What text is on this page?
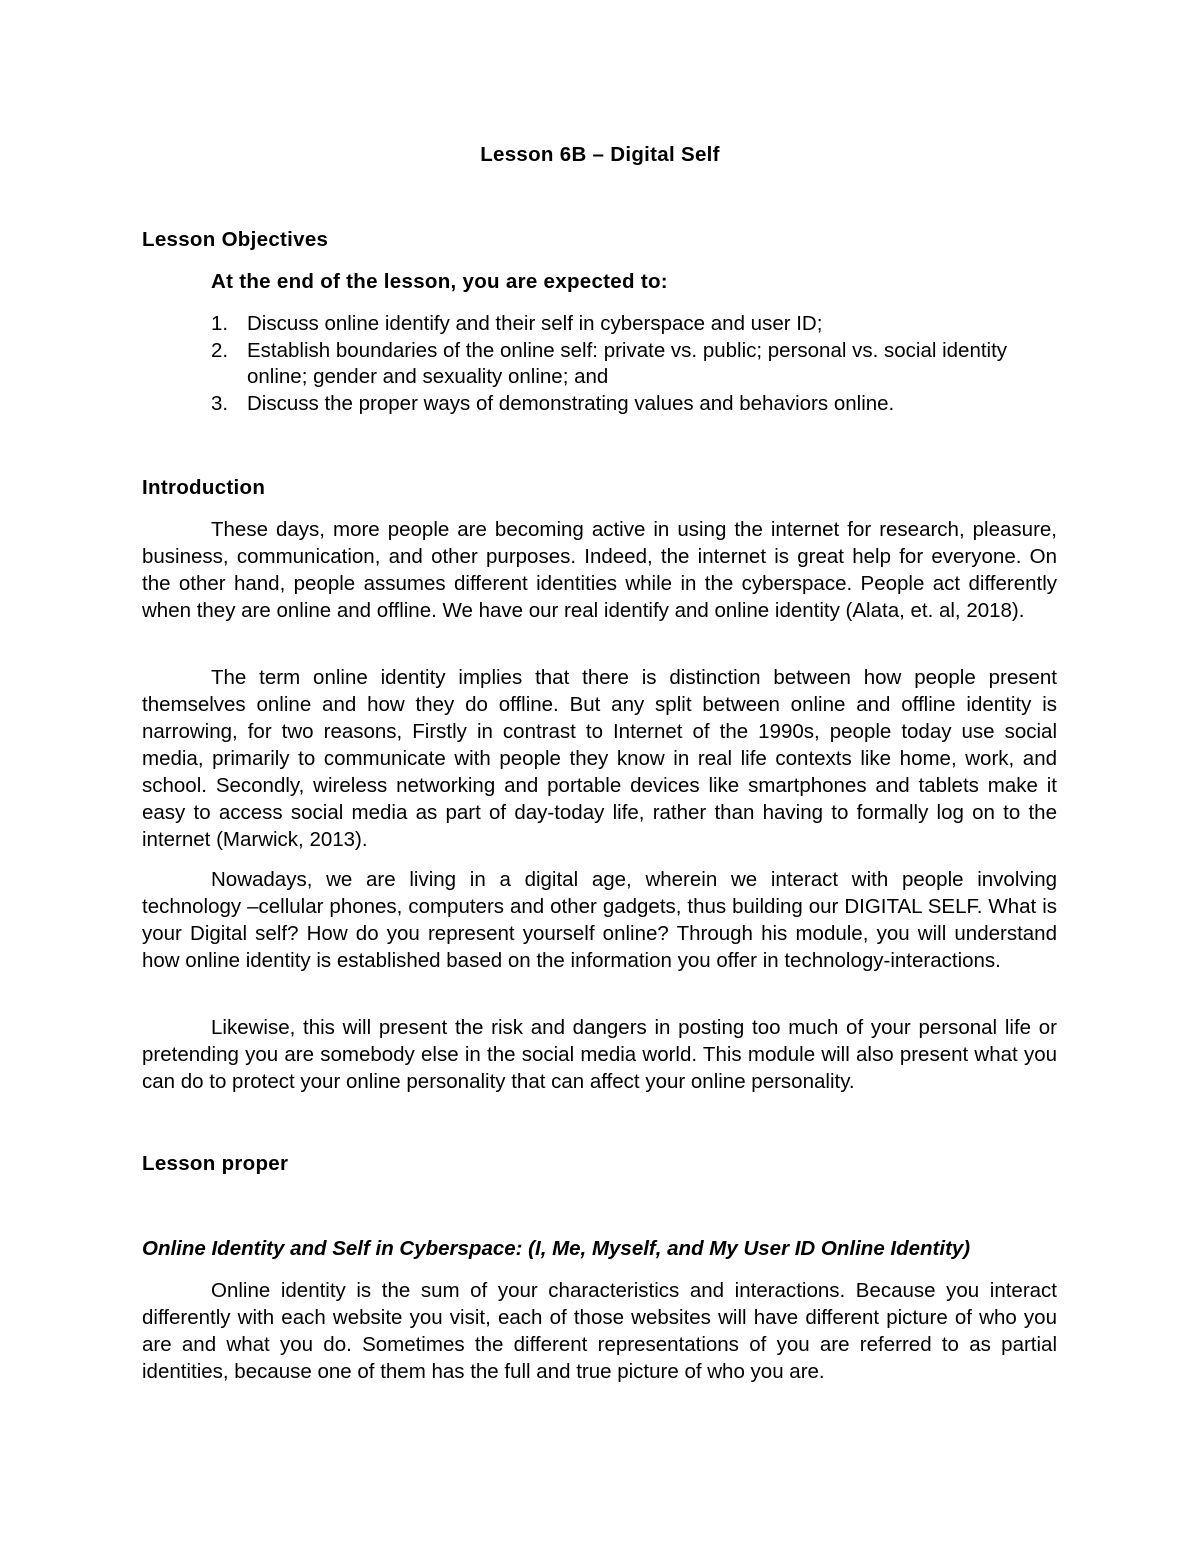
Lesson 6B – Digital Self
Lesson Objectives
At the end of the lesson, you are expected to:
1. Discuss online identify and their self in cyberspace and user ID;
2. Establish boundaries of the online self: private vs. public; personal vs. social identity online; gender and sexuality online; and
3. Discuss the proper ways of demonstrating values and behaviors online.
Introduction

These days, more people are becoming active in using the internet for research, pleasure, business, communication, and other purposes. Indeed, the internet is great help for everyone. On the other hand, people assumes different identities while in the cyberspace. People act differently when they are online and offline. We have our real identify and online identity (Alata, et. al, 2018).

The term online identity implies that there is distinction between how people present themselves online and how they do offline. But any split between online and offline identity is narrowing, for two reasons, Firstly in contrast to Internet of the 1990s, people today use social media, primarily to communicate with people they know in real life contexts like home, work, and school. Secondly, wireless networking and portable devices like smartphones and tablets make it easy to access social media as part of day-today life, rather than having to formally log on to the internet (Marwick, 2013).

Nowadays, we are living in a digital age, wherein we interact with people involving technology –cellular phones, computers and other gadgets, thus building our DIGITAL SELF. What is your Digital self? How do you represent yourself online? Through his module, you will understand how online identity is established based on the information you offer in technology-interactions.

Likewise, this will present the risk and dangers in posting too much of your personal life or pretending you are somebody else in the social media world. This module will also present what you can do to protect your online personality that can affect your online personality.

Lesson proper
Online Identity and Self in Cyberspace: (I, Me, Myself, and My User ID Online Identity)

Online identity is the sum of your characteristics and interactions. Because you interact differently with each website you visit, each of those websites will have different picture of who you are and what you do. Sometimes the different representations of you are referred to as partial identities, because one of them has the full and true picture of who you are.
